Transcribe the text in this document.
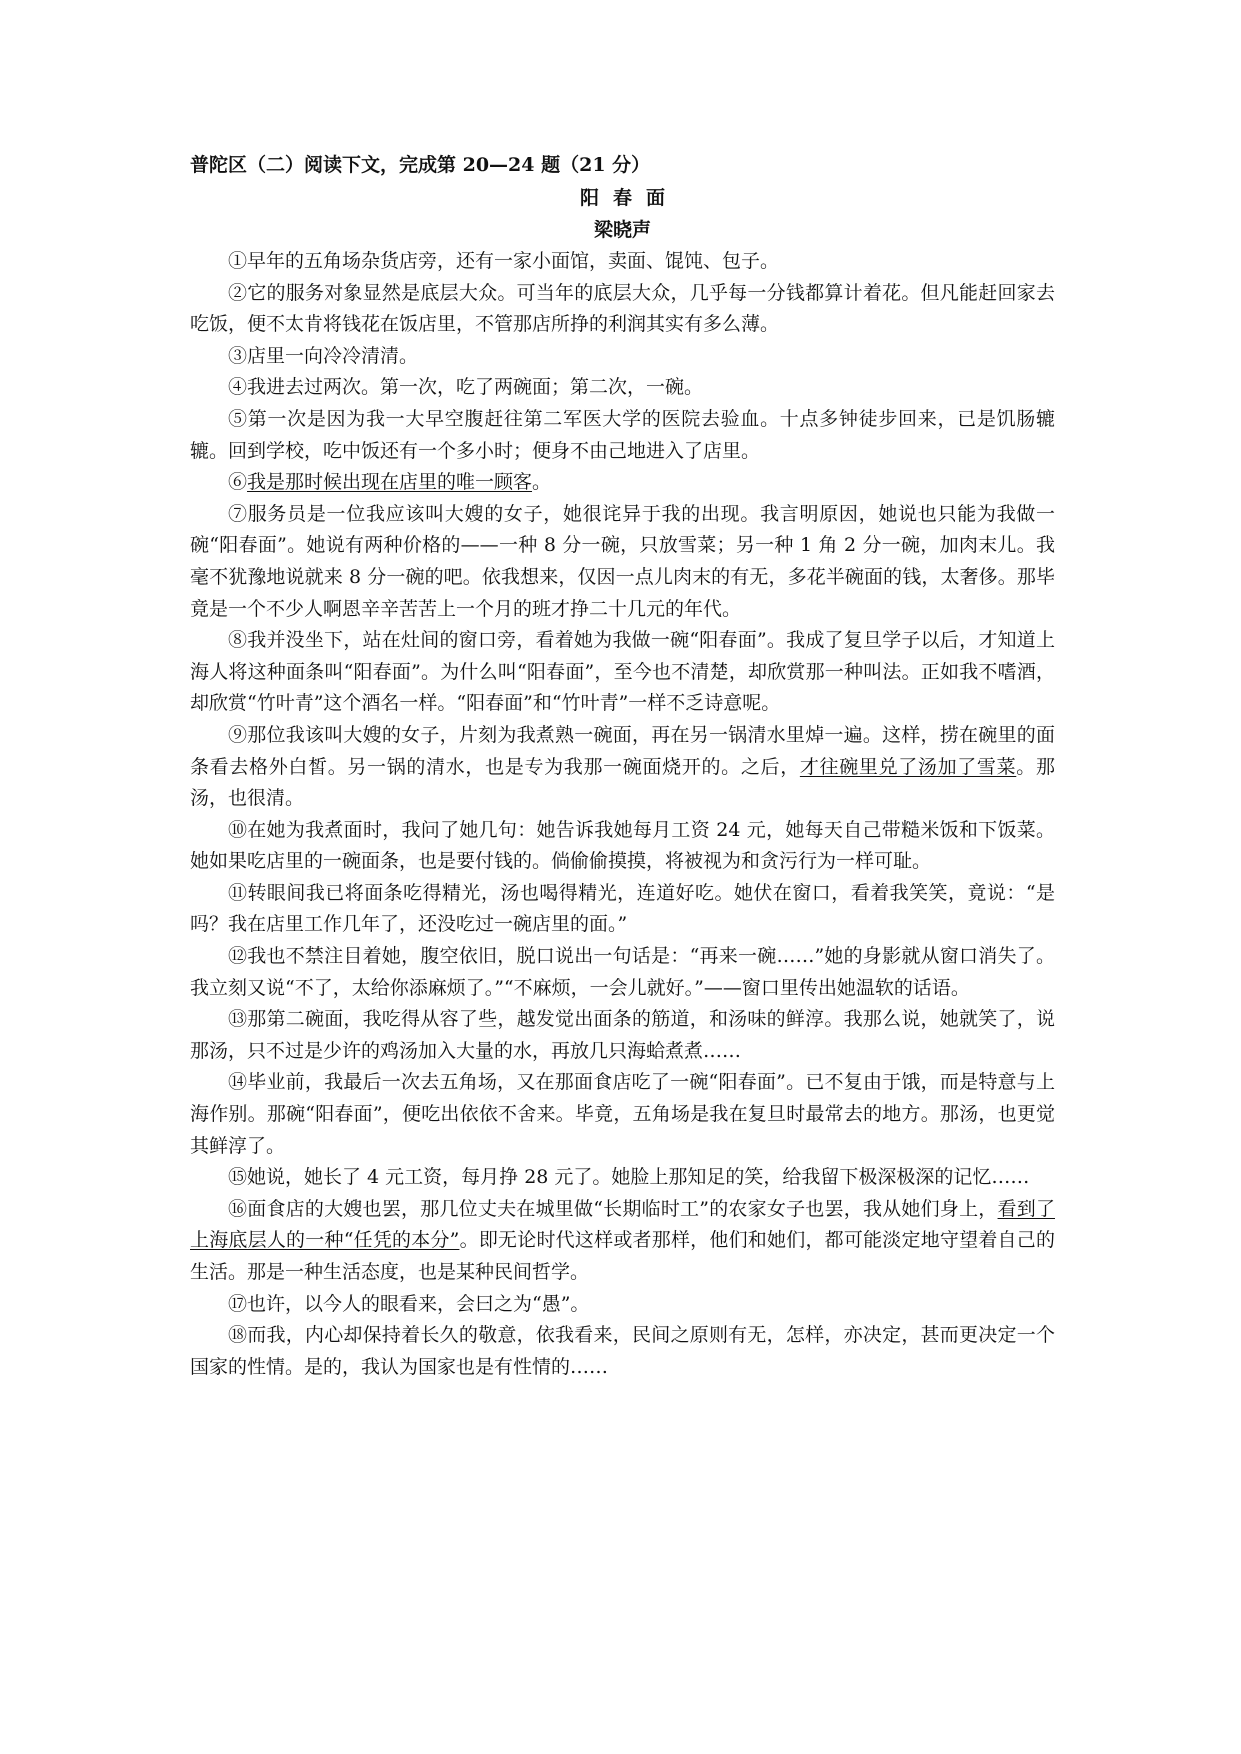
普陀区（二）阅读下文，完成第 20—24 题（21 分）
阳春面
梁晓声

①早年的五角场杂货店旁，还有一家小面馆，卖面、馄饨、包子。

②它的服务对象显然是底层大众。可当年的底层大众，几乎每一分钱都算计着花。但凡能赶回家去吃饭，便不太肯将钱花在饭店里，不管那店所挣的利润其实有多么薄。

③店里一向冷冷清清。

④我进去过两次。第一次，吃了两碗面；第二次，一碗。

⑤第一次是因为我一大早空腹赶往第二军医大学的医院去验血。十点多钟徒步回来，已是饥肠辘辘。回到学校，吃中饭还有一个多小时；便身不由己地进入了店里。

⑥我是那时候出现在店里的唯一顾客。

⑦服务员是一位我应该叫大嫂的女子，她很诧异于我的出现。我言明原因，她说也只能为我做一碗“阳春面”。她说有两种价格的——一种 8 分一碗，只放雪菜；另一种 1 角 2 分一碗，加肉末儿。我毫不犹豫地说就来 8 分一碗的吧。依我想来，仅因一点儿肉末的有无，多花半碗面的钱，太奢侈。那毕竟是一个不少人啊恩辛辛苦苦上一个月的班才挣二十几元的年代。

⑧我并没坐下，站在灶间的窗口旁，看着她为我做一碗“阳春面”。我成了复旦学子以后，才知道上海人将这种面条叫“阳春面”。为什么叫“阳春面”，至今也不清楚，却欣赏那一种叫法。正如我不嗜酒，却欣赏“竹叶青”这个酒名一样。“阳春面”和“竹叶青”一样不乏诗意呢。

⑨那位我该叫大嫂的女子，片刻为我煮熟一碗面，再在另一锅清水里焯一遍。这样，捞在碗里的面条看去格外白皙。另一锅的清水，也是专为我那一碗面烧开的。之后，才往碗里兑了汤加了雪菜。那汤，也很清。

⑩在她为我煮面时，我问了她几句：她告诉我她每月工资 24 元，她每天自己带糙米饭和下饭菜。她如果吃店里的一碗面条，也是要付钱的。倘偷偷摸摸，将被视为和贪污行为一样可耻。

⑪转眼间我已将面条吃得精光，汤也喝得精光，连道好吃。她伏在窗口，看着我笑笑，竟说：“是吗？我在店里工作几年了，还没吃过一碗店里的面。”

⑫我也不禁注目着她，腹空依旧，脱口说出一句话是：“再来一碗……”她的身影就从窗口消失了。我立刻又说“不了，太给你添麻烦了。”“不麻烦，一会儿就好。”——窗口里传出她温软的话语。

⑬那第二碗面，我吃得从容了些，越发觉出面条的筋道，和汤味的鲜淳。我那么说，她就笑了，说那汤，只不过是少许的鸡汤加入大量的水，再放几只海蛤煮煮……

⑭毕业前，我最后一次去五角场，又在那面食店吃了一碗“阳春面”。已不复由于饿，而是特意与上海作别。那碗“阳春面”，便吃出依依不舍来。毕竟，五角场是我在复旦时最常去的地方。那汤，也更觉其鲜淳了。

⑮她说，她长了 4 元工资，每月挣 28 元了。她脸上那知足的笑，给我留下极深极深的记忆……

⑯面食店的大嫂也罢，那几位丈夫在城里做“长期临时工”的农家女子也罢，我从她们身上，看到了上海底层人的一种“任凭的本分”。即无论时代这样或者那样，他们和她们，都可能淡定地守望着自己的生活。那是一种生活态度，也是某种民间哲学。

⑰也许，以今人的眼看来，会曰之为“愚”。

⑱而我，内心却保持着长久的敬意，依我看来，民间之原则有无，怎样，亦决定，甚而更决定一个国家的性情。是的，我认为国家也是有性情的……
